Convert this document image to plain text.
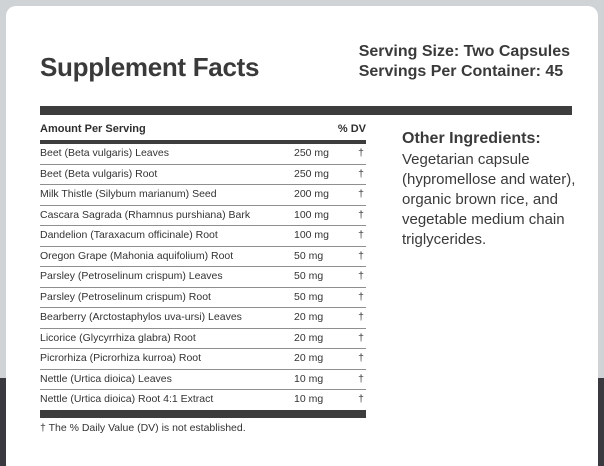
Supplement Facts
Serving Size: Two Capsules
Servings Per Container: 45
Amount Per Serving	% DV
Beet (Beta vulgaris) Leaves	250 mg	†
Beet (Beta vulgaris) Root	250 mg	†
Milk Thistle (Silybum marianum) Seed	200 mg	†
Cascara Sagrada (Rhamnus purshiana) Bark	100 mg	†
Dandelion (Taraxacum officinale) Root	100 mg	†
Oregon Grape (Mahonia aquifolium) Root	50 mg	†
Parsley (Petroselinum crispum) Leaves	50 mg	†
Parsley (Petroselinum crispum) Root	50 mg	†
Bearberry (Arctostaphylos uva-ursi) Leaves	20 mg	†
Licorice (Glycyrrhiza glabra) Root	20 mg	†
Picrorhiza (Picrorhiza kurroa) Root	20 mg	†
Nettle (Urtica dioica) Leaves	10 mg	†
Nettle (Urtica dioica) Root 4:1 Extract	10 mg	†
† The % Daily Value (DV) is not established.

Other Ingredients:

Vegetarian capsule (hypromellose and water), organic brown rice, and vegetable medium chain triglycerides.
